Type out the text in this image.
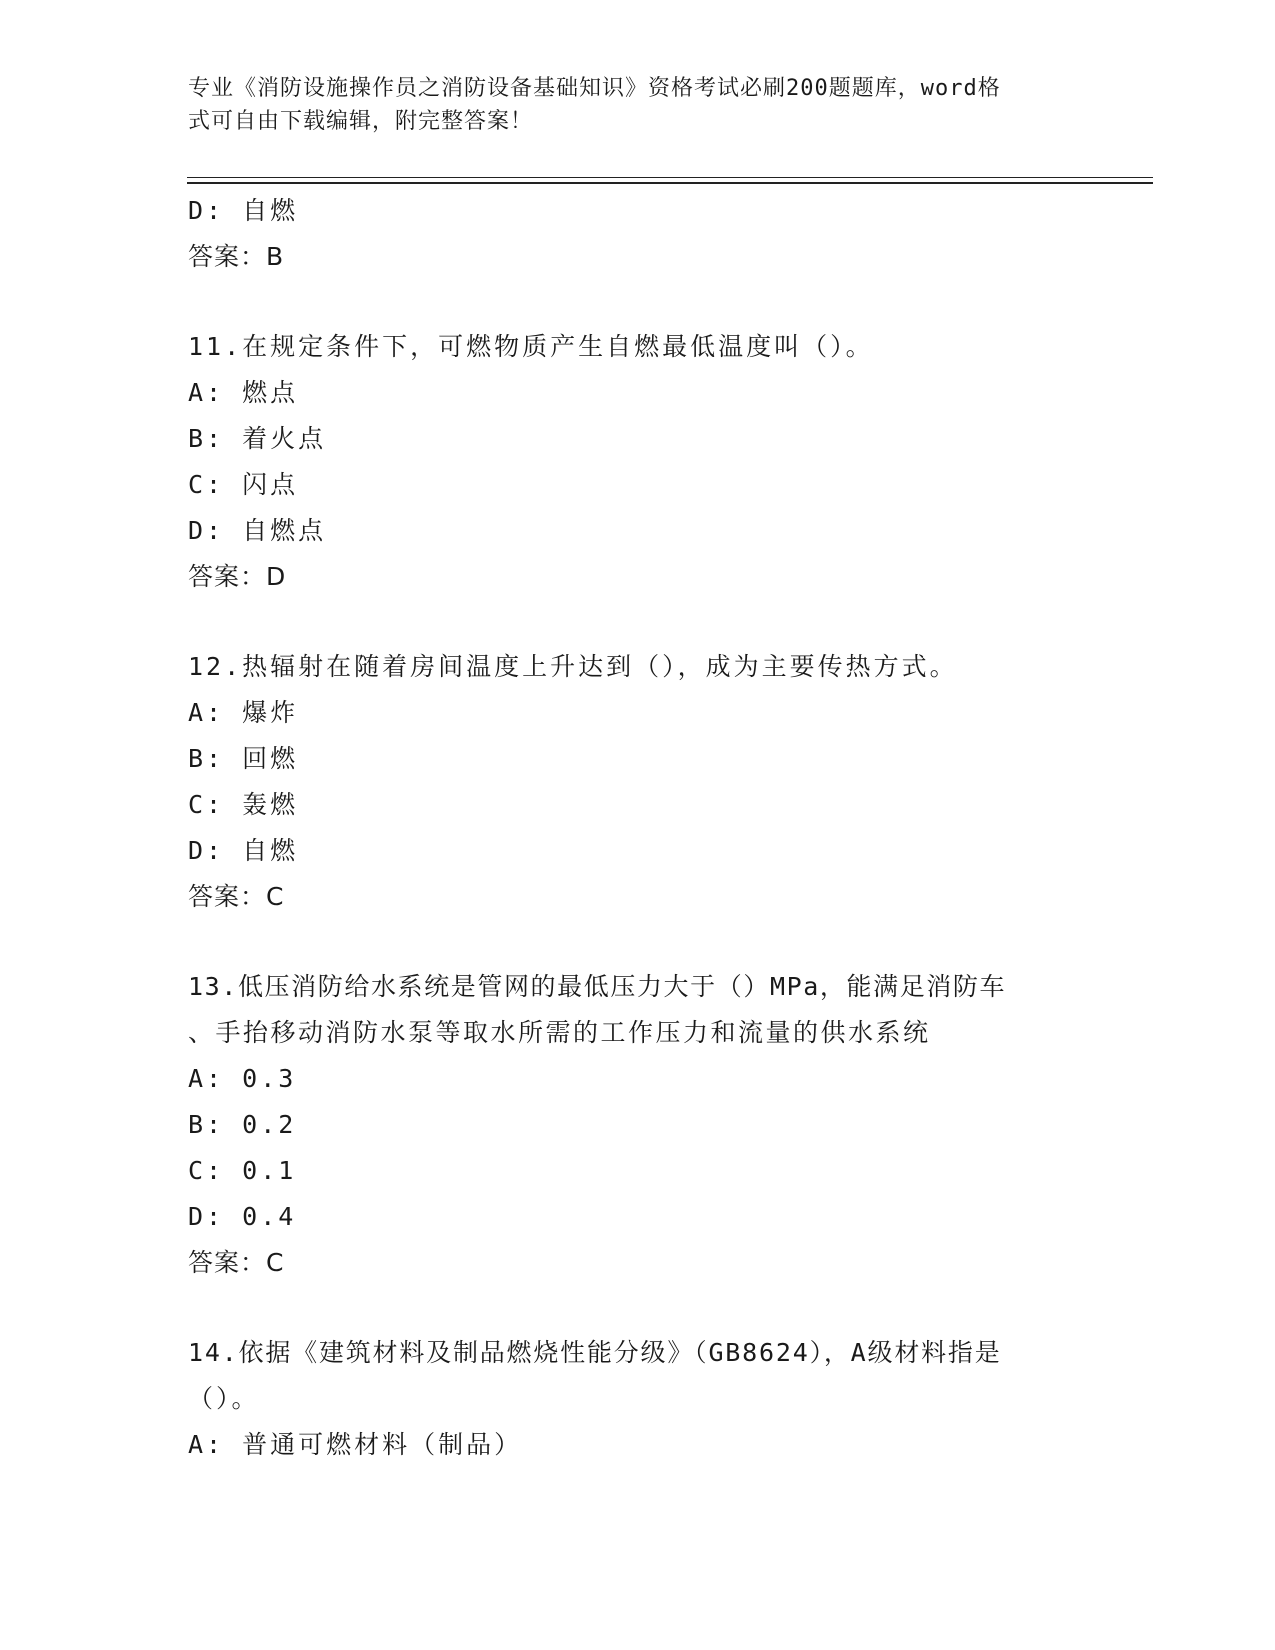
专业《消防设施操作员之消防设备基础知识》资格考试必刷200题题库，word格
式可自由下载编辑，附完整答案！
D: 自燃
答案：B
11.在规定条件下，可燃物质产生自燃最低温度叫（）。
A: 燃点
B: 着火点
C: 闪点
D: 自燃点
答案：D
12.热辐射在随着房间温度上升达到（），成为主要传热方式。
A: 爆炸
B: 回燃
C: 轰燃
D: 自燃
答案：C
13.低压消防给水系统是管网的最低压力大于（）MPa，能满足消防车
、手抬移动消防水泵等取水所需的工作压力和流量的供水系统
A: 0.3
B: 0.2
C: 0.1
D: 0.4
答案：C
14.依据《建筑材料及制品燃烧性能分级》（GB8624），A级材料指是
（）。
A: 普通可燃材料（制品）
